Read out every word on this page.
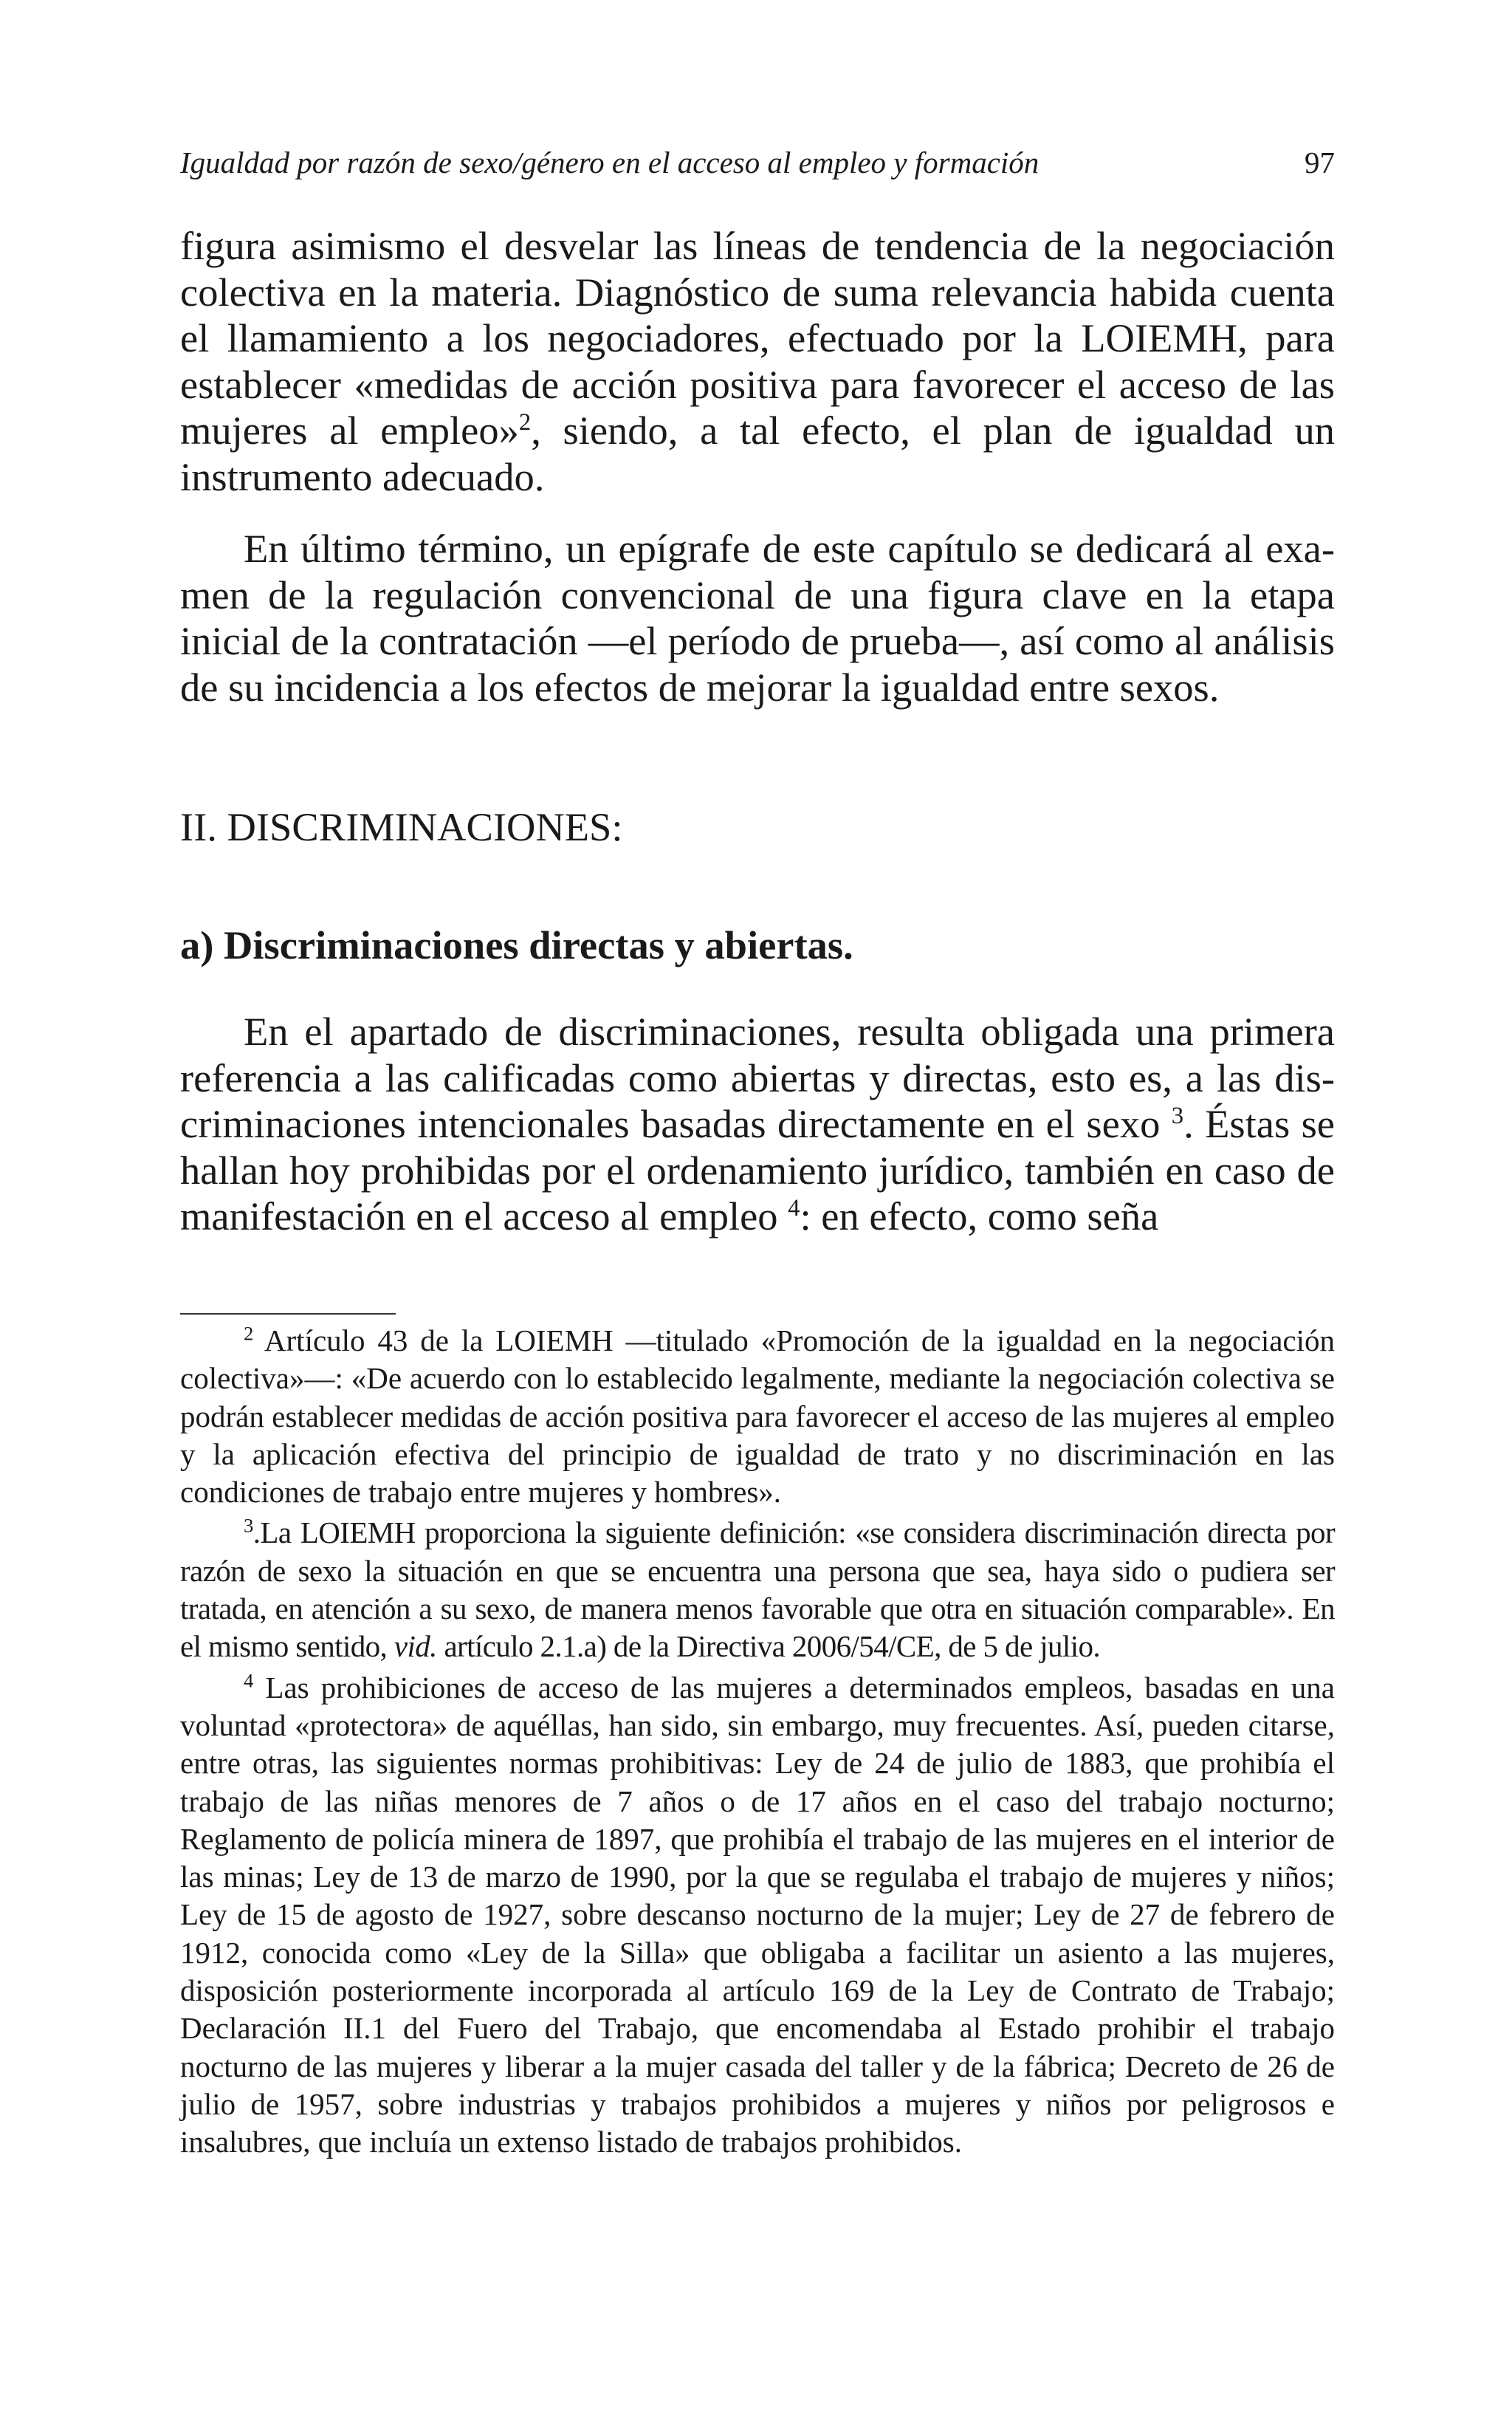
Igualdad por razón de sexo/género en el acceso al empleo y formación	97

figura asimismo el desvelar las líneas de tendencia de la negociación colectiva en la materia. Diagnóstico de suma relevancia habida cuenta el llamamiento a los negociadores, efectuado por la LOIEMH, para establecer «medidas de acción positiva para favorecer el acceso de las mujeres al empleo»$^2$, siendo, a tal efecto, el plan de igualdad un instrumento adecuado.

En último término, un epígrafe de este capítulo se dedicará al examen de la regulación convencional de una figura clave en la etapa inicial de la contratación —el período de prueba—, así como al análisis de su incidencia a los efectos de mejorar la igualdad entre sexos.

II. DISCRIMINACIONES:
a) Discriminaciones directas y abiertas.

En el apartado de discriminaciones, resulta obligada una primera referencia a las calificadas como abiertas y directas, esto es, a las discriminaciones intencionales basadas directamente en el sexo $^3$. Éstas se hallan hoy prohibidas por el ordenamiento jurídico, también en caso de manifestación en el acceso al empleo $^4$: en efecto, como seña

$^2$ Artículo 43 de la LOIEMH —titulado «Promoción de la igualdad en la negociación colectiva»—: «De acuerdo con lo establecido legalmente, mediante la negociación colectiva se podrán establecer medidas de acción positiva para favorecer el acceso de las mujeres al empleo y la aplicación efectiva del principio de igualdad de trato y no discriminación en las condiciones de trabajo entre mujeres y hombres».

$^3$.La LOIEMH proporciona la siguiente definición: «se considera discriminación directa por razón de sexo la situación en que se encuentra una persona que sea, haya sido o pudiera ser tratada, en atención a su sexo, de manera menos favorable que otra en situación comparable». En el mismo sentido, vid. artículo 2.1.a) de la Directiva 2006/54/CE, de 5 de julio.

$^4$ Las prohibiciones de acceso de las mujeres a determinados empleos, basadas en una voluntad «protectora» de aquéllas, han sido, sin embargo, muy frecuentes. Así, pueden citarse, entre otras, las siguientes normas prohibitivas: Ley de 24 de julio de 1883, que prohibía el trabajo de las niñas menores de 7 años o de 17 años en el caso del trabajo nocturno; Reglamento de policía minera de 1897, que prohibía el trabajo de las mujeres en el interior de las minas; Ley de 13 de marzo de 1990, por la que se regulaba el trabajo de mujeres y niños; Ley de 15 de agosto de 1927, sobre descanso nocturno de la mujer; Ley de 27 de febrero de 1912, conocida como «Ley de la Silla» que obligaba a facilitar un asiento a las mujeres, disposición posteriormente incorporada al artículo 169 de la Ley de Contrato de Trabajo; Declaración II.1 del Fuero del Trabajo, que encomendaba al Estado prohibir el trabajo nocturno de las mujeres y liberar a la mujer casada del taller y de la fábrica; Decreto de 26 de julio de 1957, sobre industrias y trabajos prohibidos a mujeres y niños por peligrosos e insalubres, que incluía un extenso listado de trabajos prohibidos.
